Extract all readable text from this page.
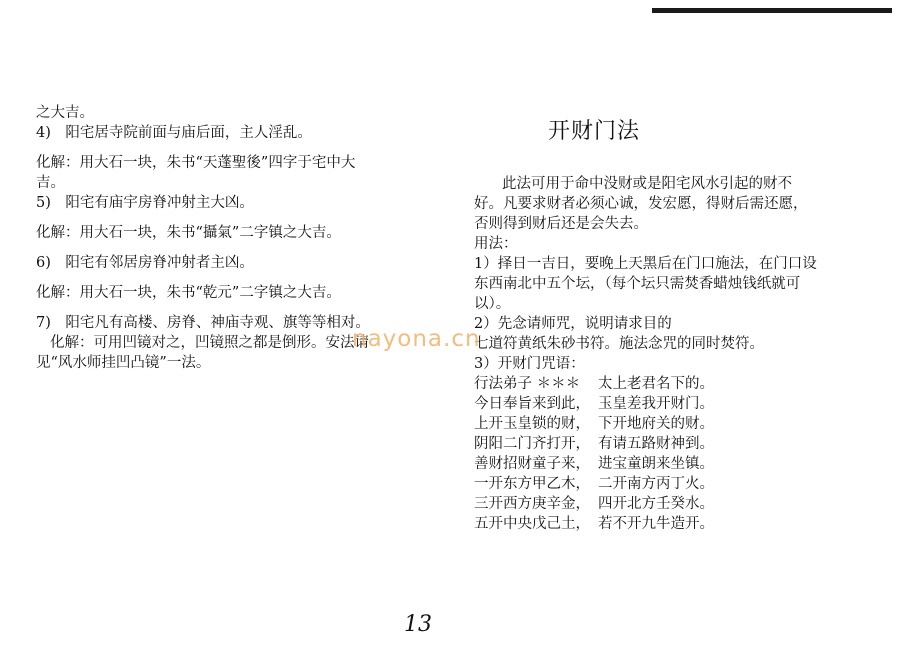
之大吉。
4)　阳宅居寺院前面与庙后面，主人淫乱。
化解：用大石一块，朱书“天蓬聖後”四字于宅中大
吉。
5)　阳宅有庙宇房脊冲射主大凶。
化解：用大石一块，朱书“攝氣”二字镇之大吉。
6)　阳宅有邻居房脊冲射者主凶。
化解：用大石一块，朱书“乾元”二字镇之大吉。
7)　阳宅凡有高楼、房脊、神庙寺观、旗等等相对。
化解：可用凹镜对之，凹镜照之都是倒形。安法请
见“风水师挂凹凸镜”一法。
开财门法
此法可用于命中没财或是阳宅风水引起的财不
好。凡要求财者必须心诚，发宏愿，得财后需还愿，
否则得到财后还是会失去。
用法：
1）择日一吉日，要晚上天黑后在门口施法，在门口设
东西南北中五个坛，（每个坛只需焚香蜡烛钱纸就可
以）。
2）先念请师咒，说明请求目的
七道符黄纸朱砂书符。施法念咒的同时焚符。
3）开财门咒语：
行法弟子 ＊＊＊	太上老君名下的。
今日奉旨来到此， 玉皇差我开财门。
上开玉皇锁的财， 下开地府关的财。
阴阳二门齐打开， 有请五路财神到。
善财招财童子来， 进宝童朗来坐镇。
一开东方甲乙木， 二开南方丙丁火。
三开西方庚辛金， 四开北方壬癸水。
五开中央戊己土， 若不开九牛造开。
nayona.cn
13
